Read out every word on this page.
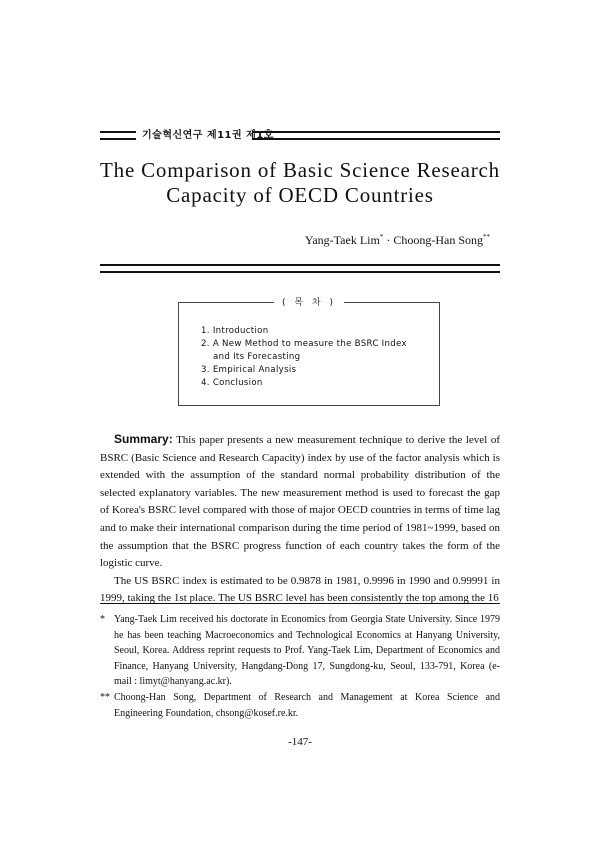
기술혁신연구 제11권 제1호
The Comparison of Basic Science Research
Capacity of OECD Countries
Yang-Taek Lim* · Choong-Han Song**
( 목 차 )
1. Introduction
2. A New Method to measure the BSRC Index
and Its Forecasting
3. Empirical Analysis
4. Conclusion

Summary: This paper presents a new measurement technique to derive the level of BSRC (Basic Science and Research Capacity) index by use of the factor analysis which is extended with the assumption of the standard normal probability distribution of the selected explanatory variables. The new measurement method is used to forecast the gap of Korea's BSRC level compared with those of major OECD countries in terms of time lag and to make their international comparison during the time period of 1981~1999, based on the assumption that the BSRC progress function of each country takes the form of the logistic curve.

The US BSRC index is estimated to be 0.9878 in 1981, 0.9996 in 1990 and 0.99991 in 1999, taking the 1st place. The US BSRC level has been consistently the top among the 16

* Yang-Taek Lim received his doctorate in Economics from Georgia State University. Since 1979 he has been teaching Macroeconomics and Technological Economics at Hanyang University, Seoul, Korea. Address reprint requests to Prof. Yang-Taek Lim, Department of Economics and Finance, Hanyang University, Hangdang-Dong 17, Sungdong-ku, Seoul, 133-791, Korea (e-mail : limyt@hanyang.ac.kr).
** Choong-Han Song, Department of Research and Management at Korea Science and Engineering Foundation, chsong@kosef.re.kr.
-147-
